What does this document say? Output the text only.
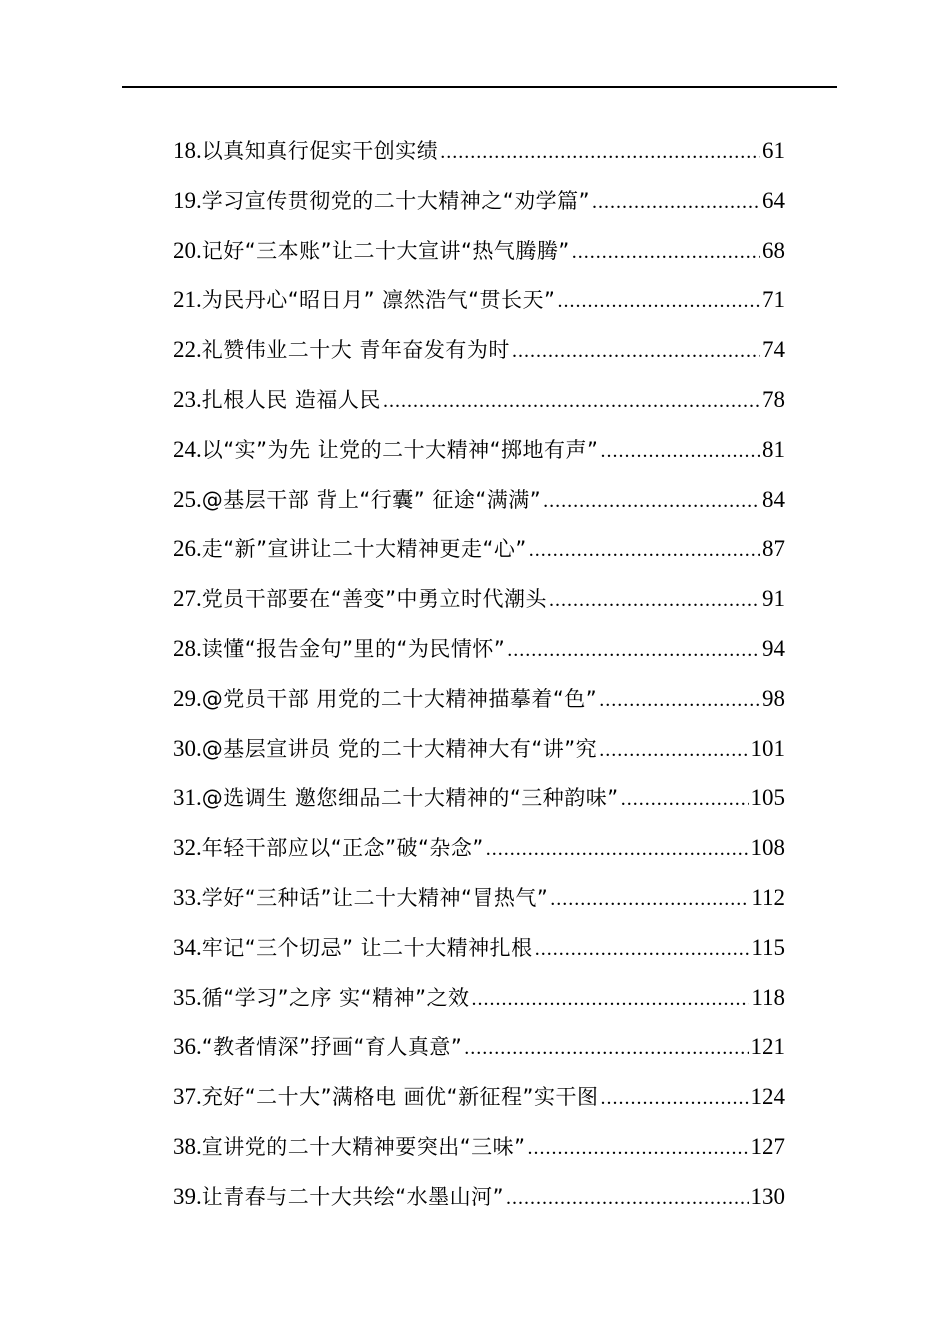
18. 以真知真行促实干创实绩 .....	61
19. 学习宣传贯彻党的二十大精神之“劝学篇” .....	64
20. 记好“三本账”让二十大宣讲“热气腾腾” .....	68
21. 为民丹心“昭日月” 凛然浩气“贯长天” .....	71
22. 礼赞伟业二十大 青年奋发有为时 .....	74
23. 扎根人民 造福人民 .....	78
24. 以“实”为先 让党的二十大精神“掷地有声” .....	81
25. @基层干部 背上“行囊” 征途“满满” .....	84
26. 走“新”宣讲让二十大精神更走“心” .....	87
27. 党员干部要在“善变”中勇立时代潮头 .....	91
28. 读懂“报告金句”里的“为民情怀” .....	94
29. @党员干部 用党的二十大精神描摹着“色” .....	98
30. @基层宣讲员 党的二十大精神大有“讲”究 .....	101
31. @选调生 邀您细品二十大精神的“三种韵味” .....	105
32. 年轻干部应以“正念”破“杂念” .....	108
33. 学好“三种话”让二十大精神“冒热气” .....	112
34. 牢记“三个切忌” 让二十大精神扎根 .....	115
35. 循“学习”之序 实“精神”之效 .....	118
36. “教者情深”抒画“育人真意” .....	121
37. 充好“二十大”满格电 画优“新征程”实干图 .....	124
38. 宣讲党的二十大精神要突出“三味” .....	127
39. 让青春与二十大共绘“水墨山河” .....	130
